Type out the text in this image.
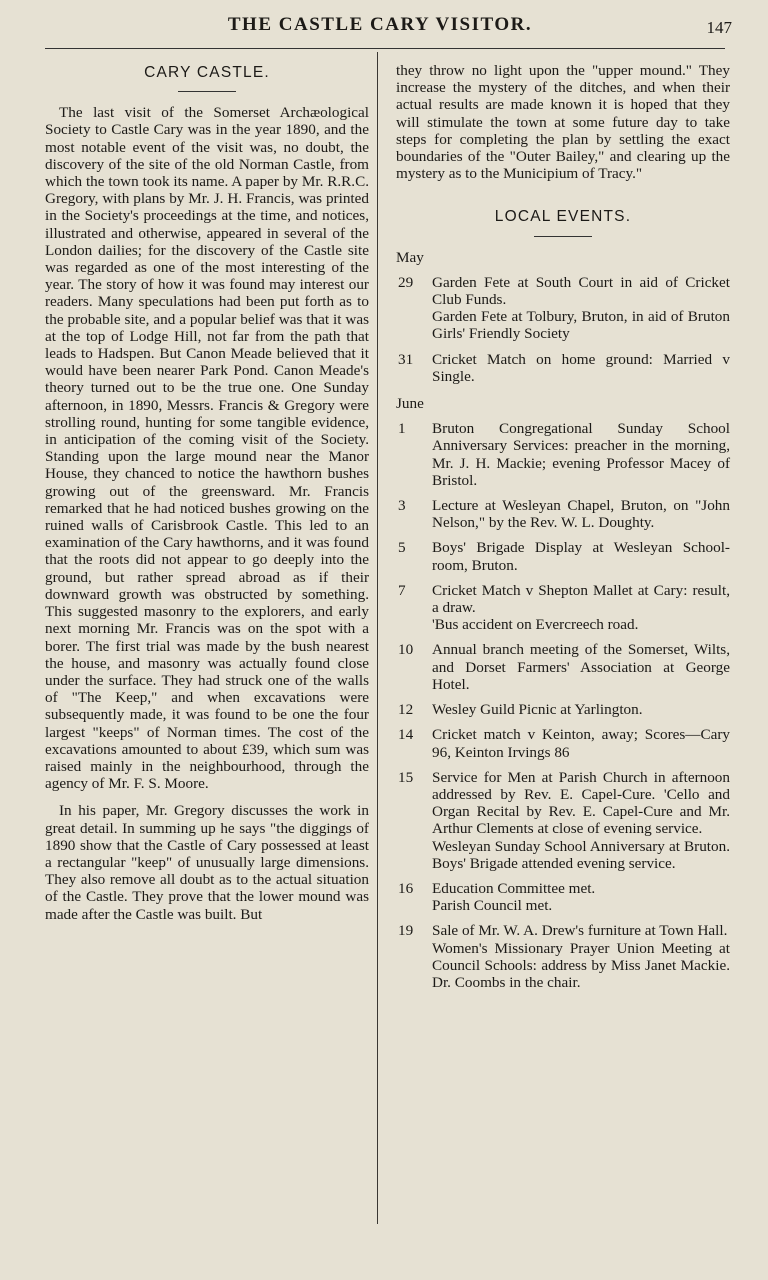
THE CASTLE CARY VISITOR.	147
CARY CASTLE.

The last visit of the Somerset Archæological Society to Castle Cary was in the year 1890, and the most notable event of the visit was, no doubt, the discovery of the site of the old Norman Castle, from which the town took its name. A paper by Mr. R.R.C. Gregory, with plans by Mr. J. H. Francis, was printed in the Society's proceedings at the time, and notices, illustrated and otherwise, appeared in several of the London dailies; for the discovery of the Castle site was regarded as one of the most interesting of the year. The story of how it was found may interest our readers. Many speculations had been put forth as to the probable site, and a popular belief was that it was at the top of Lodge Hill, not far from the path that leads to Hadspen. But Canon Meade believed that it would have been nearer Park Pond. Canon Meade's theory turned out to be the true one. One Sunday afternoon, in 1890, Messrs. Francis & Gregory were strolling round, hunting for some tangible evidence, in anticipation of the coming visit of the Society. Standing upon the large mound near the Manor House, they chanced to notice the hawthorn bushes growing out of the greensward. Mr. Francis remarked that he had noticed bushes growing on the ruined walls of Carisbrook Castle. This led to an examination of the Cary hawthorns, and it was found that the roots did not appear to go deeply into the ground, but rather spread abroad as if their downward growth was obstructed by something. This suggested masonry to the explorers, and early next morning Mr. Francis was on the spot with a borer. The first trial was made by the bush nearest the house, and masonry was actually found close under the surface. They had struck one of the walls of "The Keep," and when excavations were subsequently made, it was found to be one the four largest "keeps" of Norman times. The cost of the excavations amounted to about £39, which sum was raised mainly in the neighbourhood, through the agency of Mr. F. S. Moore.

In his paper, Mr. Gregory discusses the work in great detail. In summing up he says "the diggings of 1890 show that the Castle of Cary possessed at least a rectangular "keep" of unusually large dimensions. They also remove all doubt as to the actual situation of the Castle. They prove that the lower mound was made after the Castle was built. But

they throw no light upon the "upper mound." They increase the mystery of the ditches, and when their actual results are made known it is hoped that they will stimulate the town at some future day to take steps for completing the plan by settling the exact boundaries of the "Outer Bailey," and clearing up the mystery as to the Municipium of Tracy."

LOCAL EVENTS.
May
29	Garden Fete at South Court in aid of Cricket Club Funds.
Garden Fete at Tolbury, Bruton, in aid of Bruton Girls' Friendly Society
31	Cricket Match on home ground: Married v Single.
June
1	Bruton Congregational Sunday School Anniversary Services: preacher in the morning, Mr. J. H. Mackie; evening Professor Macey of Bristol.
3	Lecture at Wesleyan Chapel, Bruton, on "John Nelson," by the Rev. W. L. Doughty.
5	Boys' Brigade Display at Wesleyan School-room, Bruton.
7	Cricket Match v Shepton Mallet at Cary: result, a draw.
'Bus accident on Evercreech road.
10	Annual branch meeting of the Somerset, Wilts, and Dorset Farmers' Association at George Hotel.
12	Wesley Guild Picnic at Yarlington.
14	Cricket match v Keinton, away; Scores—Cary 96, Keinton Irvings 86
15	Service for Men at Parish Church in afternoon addressed by Rev. E. Capel-Cure. 'Cello and Organ Recital by Rev. E. Capel-Cure and Mr. Arthur Clements at close of evening service.
Wesleyan Sunday School Anniversary at Bruton. Boys' Brigade attended evening service.
16	Education Committee met.
Parish Council met.
19	Sale of Mr. W. A. Drew's furniture at Town Hall.
Women's Missionary Prayer Union Meeting at Council Schools: address by Miss Janet Mackie. Dr. Coombs in the chair.
